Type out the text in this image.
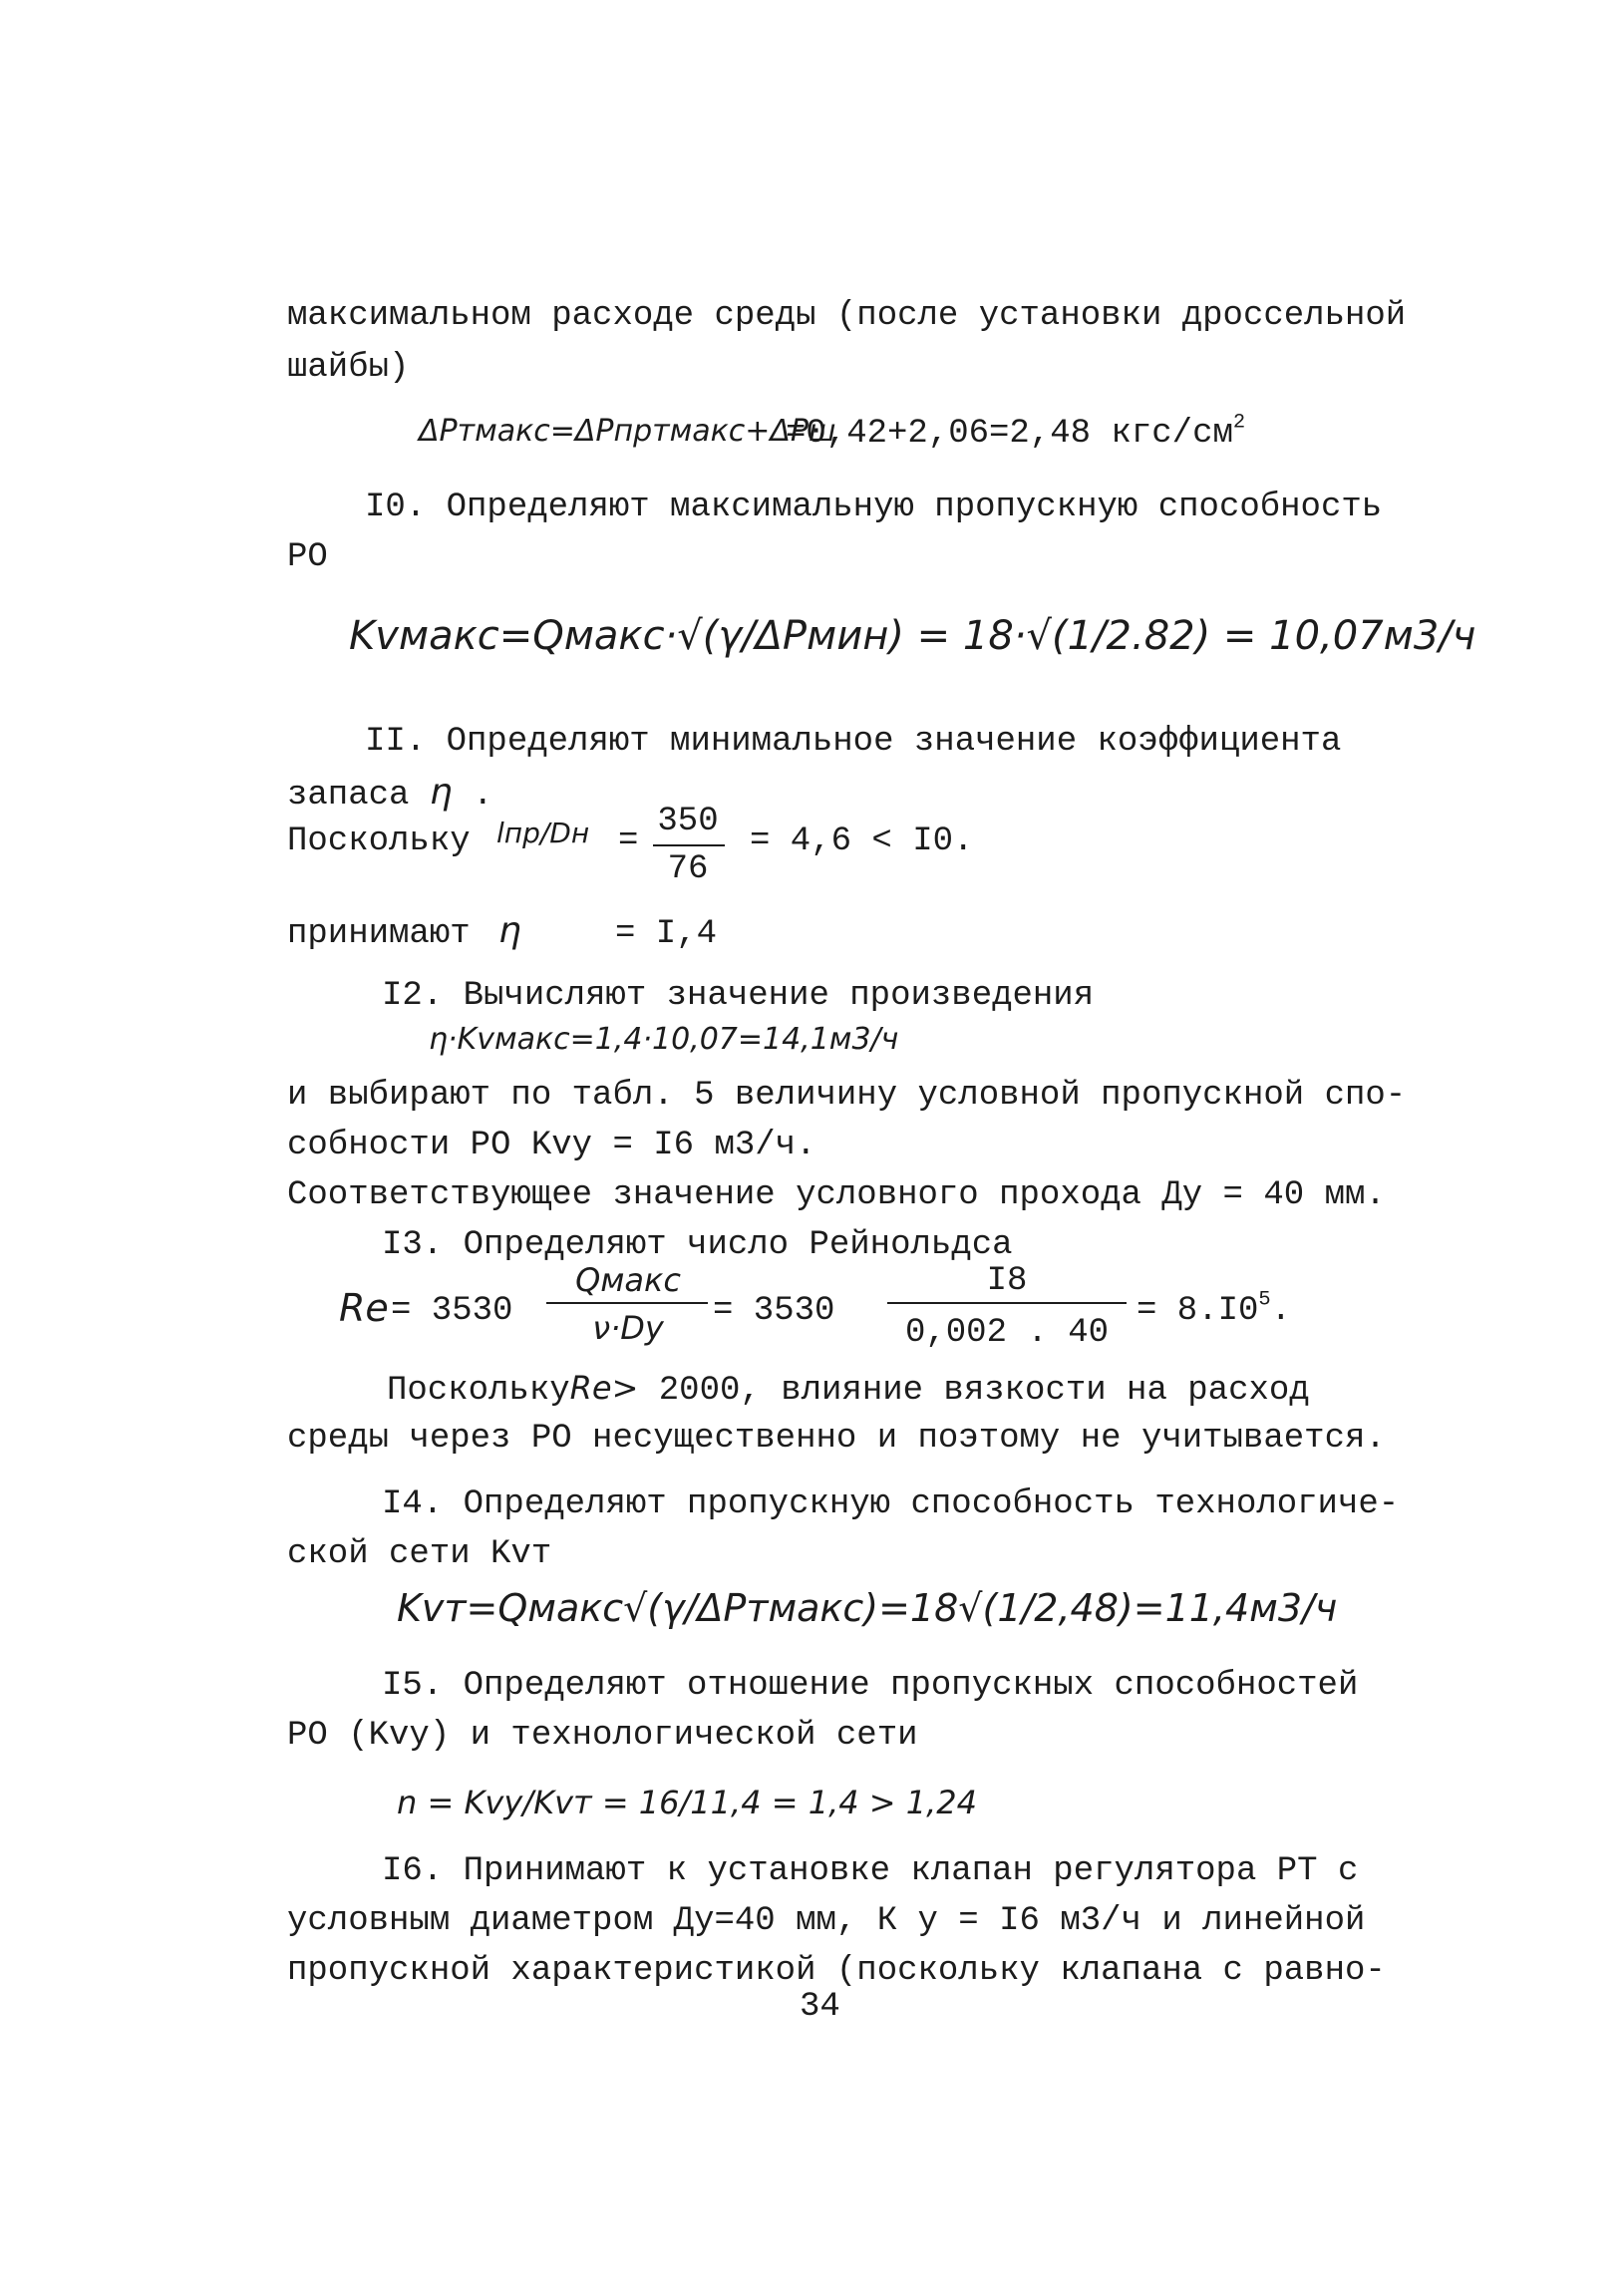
максимальном расходе среды (после установки дроссельной
шайбы)
ΔPтмакс=ΔPпртмакс+ΔPш
=0,42+2,06=2,48 кгс/$см^2$
I0. Определяют максимальную пропускную способность
РО
Kvмакс=Qмакс·√(γ/ΔPмин) = 18·√(1/2.82) = 10,07м3/ч
II. Определяют минимальное значение коэффициента
запаса η .
Поскольку lпр/Dн =
350
76
= 4,6 < I0.
принимают η	= I,4
I2. Вычисляют значение произведения
η·Kvмакс=1,4·10,07=14,1м3/ч
и выбирают по табл. 5 величину условной пропускной спо-
собности РО Kvу = I6 м3/ч.
Соответствующее значение условного прохода Ду = 40 мм.
I3. Определяют число Рейнольдса
Re = 3530
Qмакс
ν·Dу	= 3530
I8
0,002 . 40
= $8.I0^5$.
ПосколькуRe> 2000, влияние вязкости на расход
среды через РО несущественно и поэтому не учитывается.
I4. Определяют пропускную способность технологиче-
ской сети Kvт
Kvт=Qмакс√(γ/ΔPтмакс)=18√(1/2,48)=11,4м3/ч
I5. Определяют отношение пропускных способностей
РО (Kvу) и технологической сети
n = Kvу/Kvт = 16/11,4 = 1,4 > 1,24
I6. Принимают к установке клапан регулятора РТ с
условным диаметром Ду=40 мм, К у = I6 м3/ч и линейной
пропускной характеристикой (поскольку клапана с равно-
34
